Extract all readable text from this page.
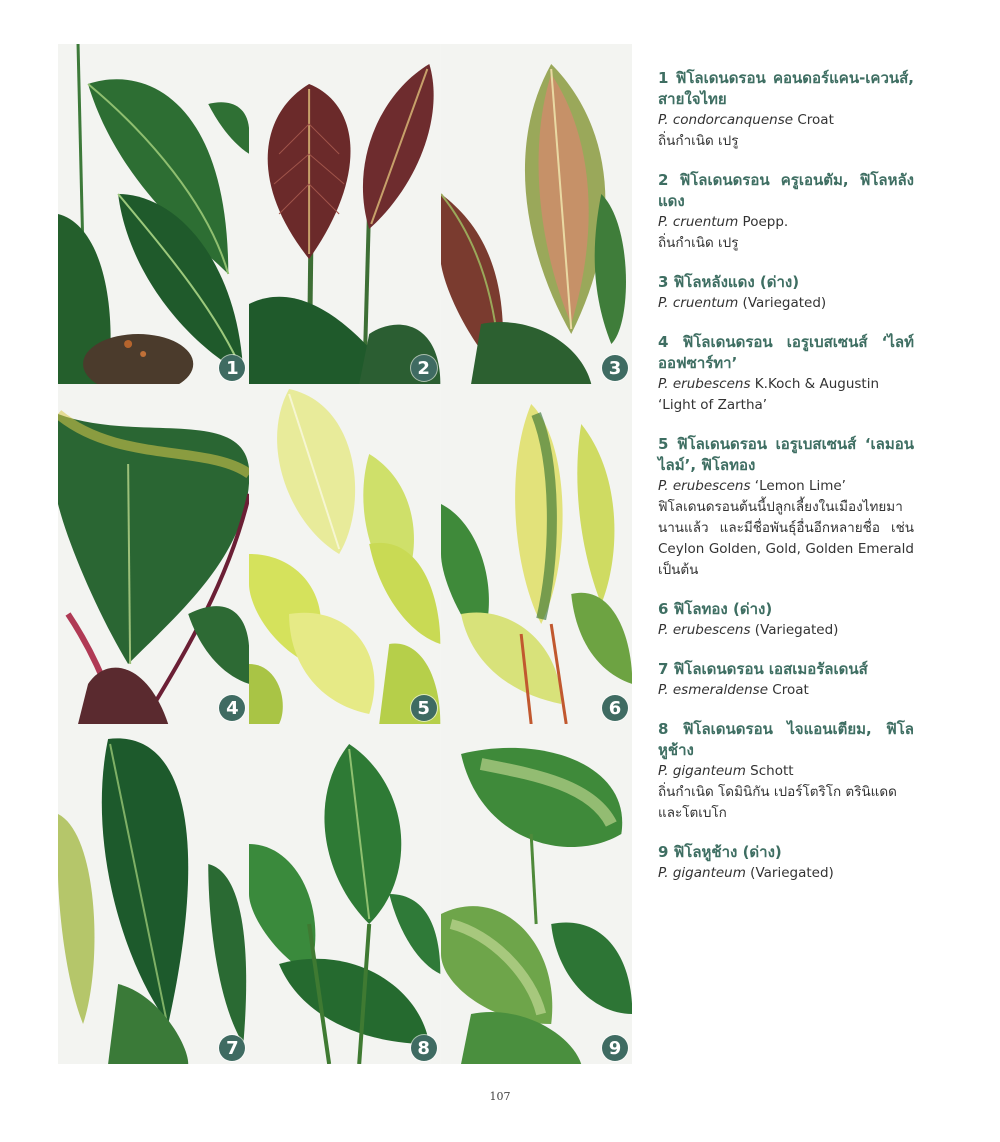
1	2	3
4	5	6
7	8	9
1 ฟิโลเดนดรอน คอนดอร์แคน-เควนส์, สายใจไทย
P. condorcanquense Croat
ถิ่นกำเนิด เปรู
2 ฟิโลเดนดรอน ครูเอนตัม, ฟิโลหลังแดง
P. cruentum Poepp.
ถิ่นกำเนิด เปรู
3 ฟิโลหลังแดง (ด่าง)
P. cruentum (Variegated)
4 ฟิโลเดนดรอน เอรูเบสเซนส์ ‘ไลท์ออฟซาร์ทา’
P. erubescens K.Koch & Augustin ‘Light of Zartha’
5 ฟิโลเดนดรอน เอรูเบสเซนส์ ‘เลมอนไลม์’, ฟิโลทอง
P. erubescens ‘Lemon Lime’
ฟิโลเดนดรอนต้นนี้ปลูกเลี้ยงในเมืองไทยมานานแล้ว และมีชื่อพันธุ์อื่นอีกหลายชื่อ เช่น Ceylon Golden, Gold, Golden Emerald เป็นต้น
6 ฟิโลทอง (ด่าง)
P. erubescens (Variegated)
7 ฟิโลเดนดรอน เอสเมอรัลเดนส์
P. esmeraldense Croat
8 ฟิโลเดนดรอน ไจแอนเตียม, ฟิโลหูช้าง
P. giganteum Schott
ถิ่นกำเนิด โดมินิกัน เปอร์โตริโก ตรินิแดดและโตเบโก
9 ฟิโลหูช้าง (ด่าง)
P. giganteum (Variegated)
107
